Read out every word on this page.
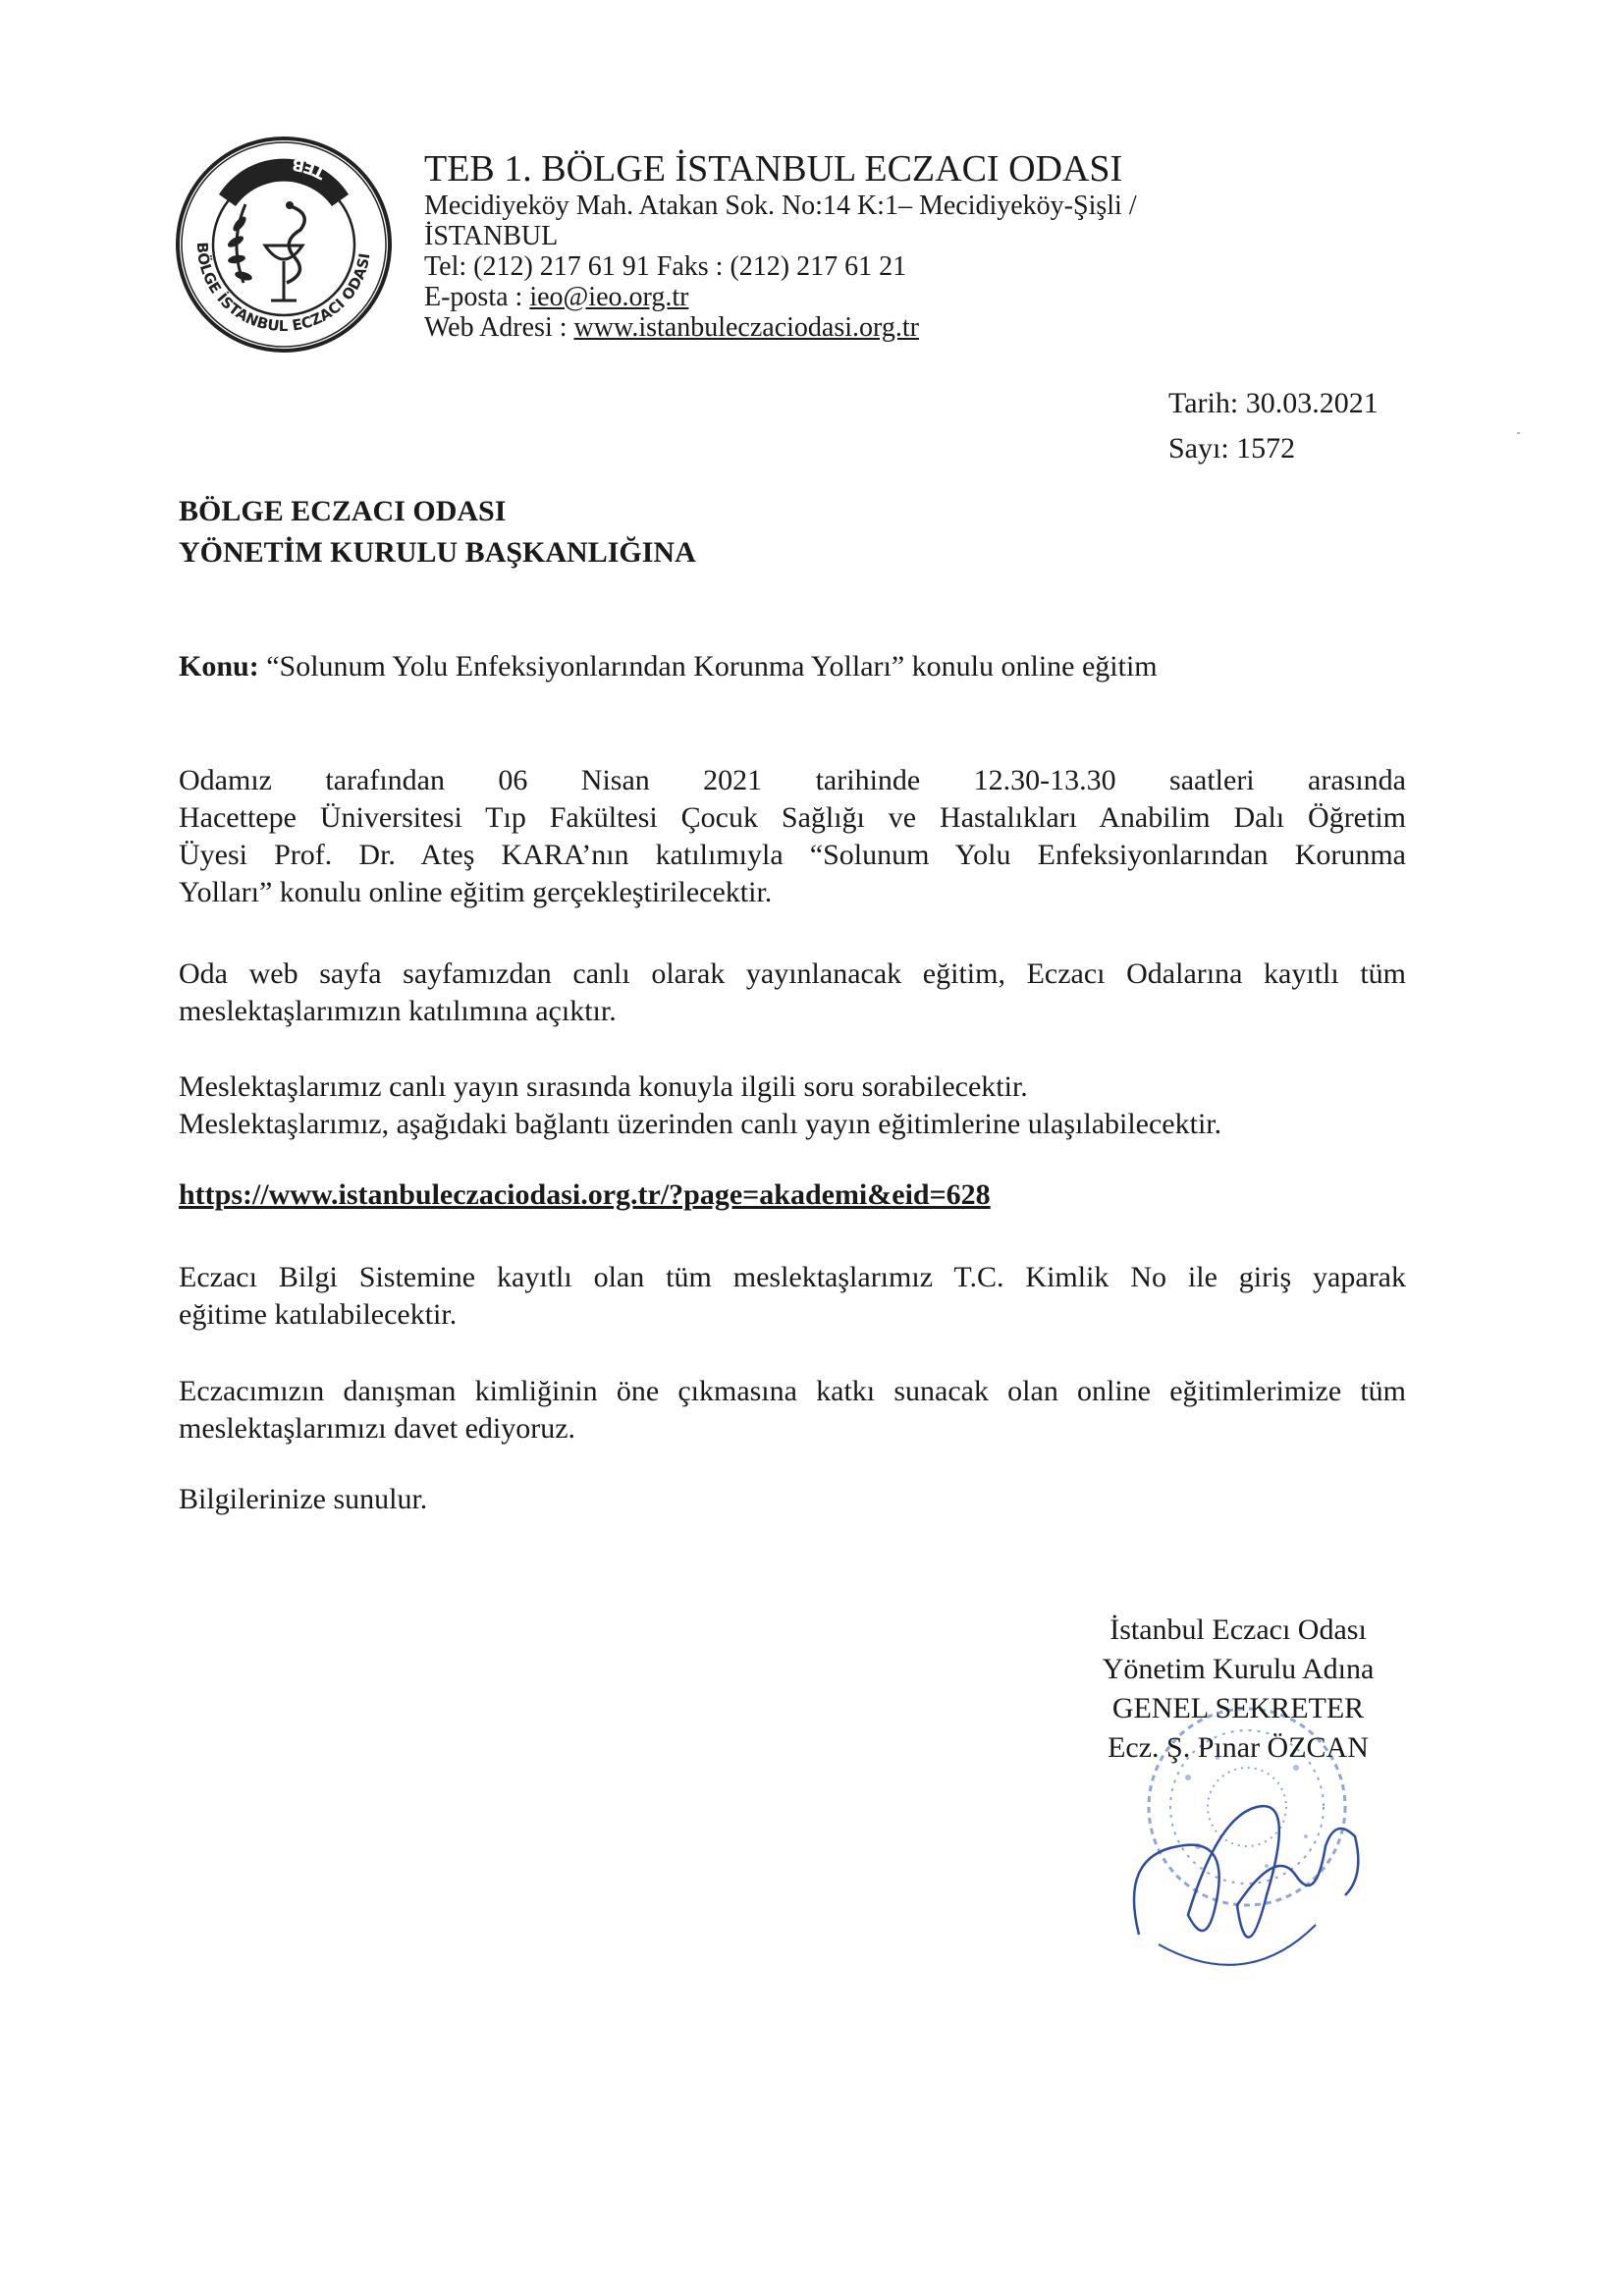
TEB
BÖLGE İSTANBUL ECZACI ODASI
TEB 1. BÖLGE İSTANBUL ECZACI ODASI
Mecidiyeköy Mah. Atakan Sok. No:14 K:1– Mecidiyeköy-Şişli /
İSTANBUL
Tel: (212) 217 61 91 Faks : (212) 217 61 21
E-posta : ieo@ieo.org.tr
Web Adresi : www.istanbuleczaciodasi.org.tr
Tarih: 30.03.2021
Sayı: 1572
BÖLGE ECZACI ODASI
YÖNETİM KURULU BAŞKANLIĞINA
Konu: “Solunum Yolu Enfeksiyonlarından Korunma Yolları” konulu online eğitim
Odamız tarafından 06 Nisan 2021 tarihinde 12.30-13.30 saatleri arasında
Hacettepe Üniversitesi Tıp Fakültesi Çocuk Sağlığı ve Hastalıkları Anabilim Dalı Öğretim
Üyesi Prof. Dr. Ateş KARA’nın katılımıyla “Solunum Yolu Enfeksiyonlarından Korunma
Yolları” konulu online eğitim gerçekleştirilecektir.
Oda web sayfa sayfamızdan canlı olarak yayınlanacak eğitim, Eczacı Odalarına kayıtlı tüm
meslektaşlarımızın katılımına açıktır.
Meslektaşlarımız canlı yayın sırasında konuyla ilgili soru sorabilecektir.
Meslektaşlarımız, aşağıdaki bağlantı üzerinden canlı yayın eğitimlerine ulaşılabilecektir.
https://www.istanbuleczaciodasi.org.tr/?page=akademi&eid=628
Eczacı Bilgi Sistemine kayıtlı olan tüm meslektaşlarımız T.C. Kimlik No ile giriş yaparak
eğitime katılabilecektir.
Eczacımızın danışman kimliğinin öne çıkmasına katkı sunacak olan online eğitimlerimize tüm
meslektaşlarımızı davet ediyoruz.
Bilgilerinize sunulur.
İstanbul Eczacı Odası
Yönetim Kurulu Adına
GENEL SEKRETER
Ecz. Ş. Pınar ÖZCAN
